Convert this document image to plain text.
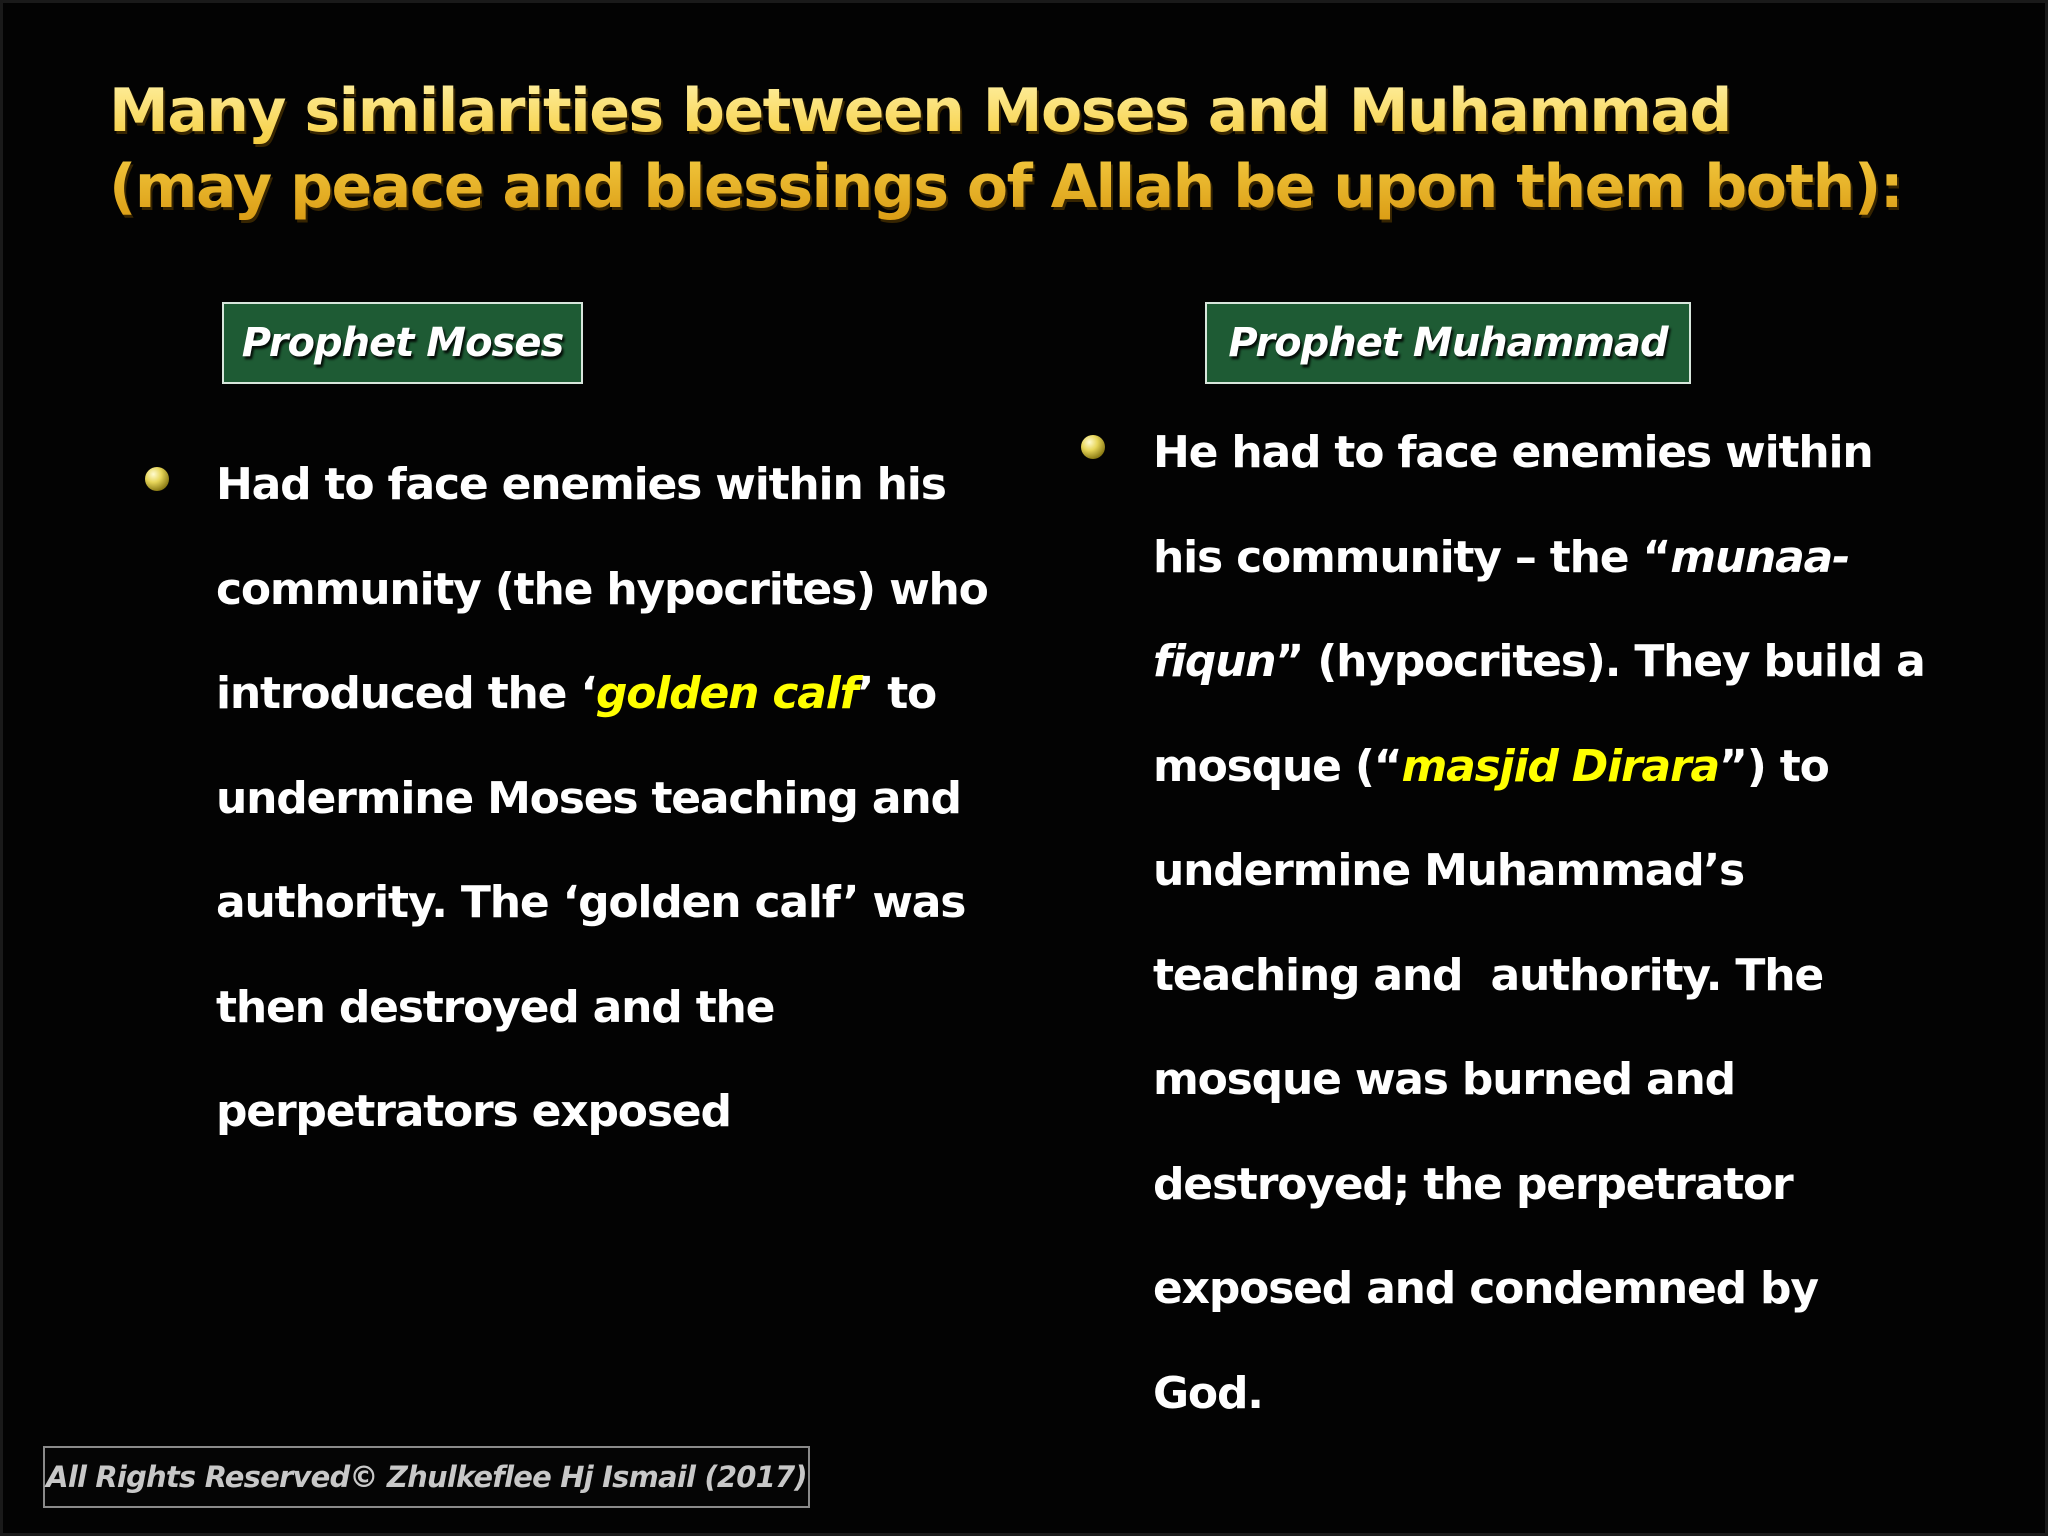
Many similarities between Moses and Muhammad
(may peace and blessings of Allah be upon them both):
Prophet Moses	Prophet Muhammad
Had to face enemies within his
community (the hypocrites) who
introduced the ‘golden calf’ to
undermine Moses teaching and
authority. The ‘golden calf’ was
then destroyed and the
perpetrators exposed
He had to face enemies within
his community – the “munaa-
fiqun” (hypocrites). They build a
mosque (“masjid Dirara”) to
undermine Muhammad’s
teaching and  authority. The
mosque was burned and
destroyed; the perpetrator
exposed and condemned by
God.
All Rights Reserved© Zhulkeflee Hj Ismail (2017)
